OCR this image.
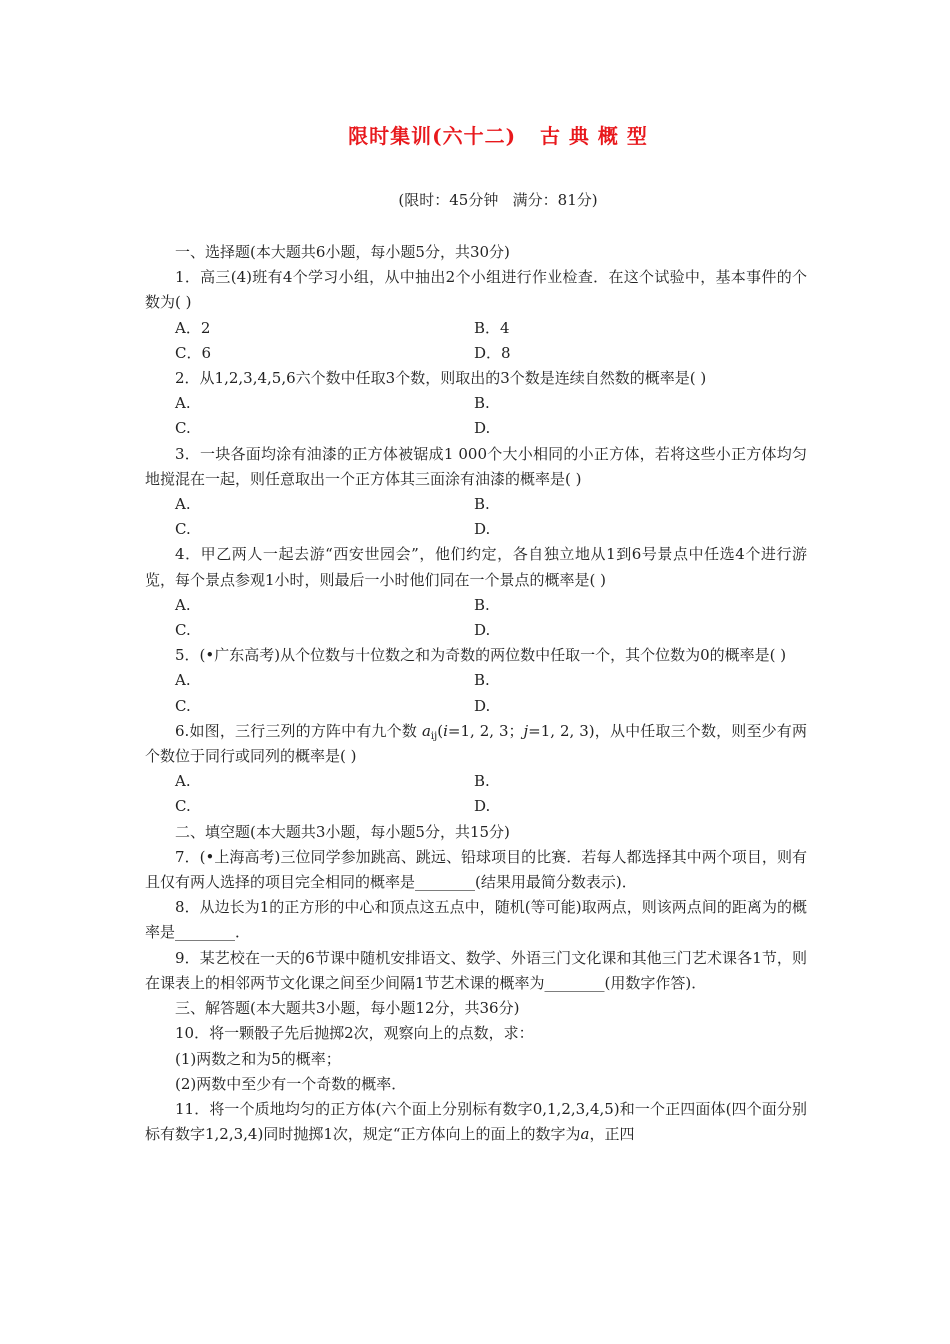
限时集训(六十二)   古 典 概 型
(限时：45分钟   满分：81分)

一、选择题(本大题共6小题，每小题5分，共30分)

1．高三(4)班有4个学习小组，从中抽出2个小组进行作业检查．在这个试验中，基本事件的个数为( )

A．2	B．4
C．6	D．8

2．从1,2,3,4,5,6六个数中任取3个数，则取出的3个数是连续自然数的概率是( )

A.	B.
C.	D.

3．一块各面均涂有油漆的正方体被锯成1 000个大小相同的小正方体，若将这些小正方体均匀地搅混在一起，则任意取出一个正方体其三面涂有油漆的概率是( )

A.	B.
C.	D.

4．甲乙两人一起去游“西安世园会”，他们约定，各自独立地从1到6号景点中任选4个进行游览，每个景点参观1小时，则最后一小时他们同在一个景点的概率是( )

A.	B.
C.	D.

5．(•广东高考)从个位数与十位数之和为奇数的两位数中任取一个，其个位数为0的概率是( )

A.	B.
C.	D.

6.如图，三行三列的方阵中有九个数 $a_{ij}(i=1$, 2, 3；j=1, 2, 3)，从中任取三个数，则至少有两个数位于同行或同列的概率是( )

A.	B.
C.	D.

二、填空题(本大题共3小题，每小题5分，共15分)

7．(•上海高考)三位同学参加跳高、跳远、铅球项目的比赛．若每人都选择其中两个项目，则有且仅有两人选择的项目完全相同的概率是________(结果用最简分数表示)．

8．从边长为1的正方形的中心和顶点这五点中，随机(等可能)取两点，则该两点间的距离为的概率是________．

9．某艺校在一天的6节课中随机安排语文、数学、外语三门文化课和其他三门艺术课各1节，则在课表上的相邻两节文化课之间至少间隔1节艺术课的概率为________(用数字作答)．

三、解答题(本大题共3小题，每小题12分，共36分)

10．将一颗骰子先后抛掷2次，观察向上的点数，求：

(1)两数之和为5的概率；

(2)两数中至少有一个奇数的概率．

11．将一个质地均匀的正方体(六个面上分别标有数字0,1,2,3,4,5)和一个正四面体(四个面分别标有数字1,2,3,4)同时抛掷1次，规定“正方体向上的面上的数字为a，正四
